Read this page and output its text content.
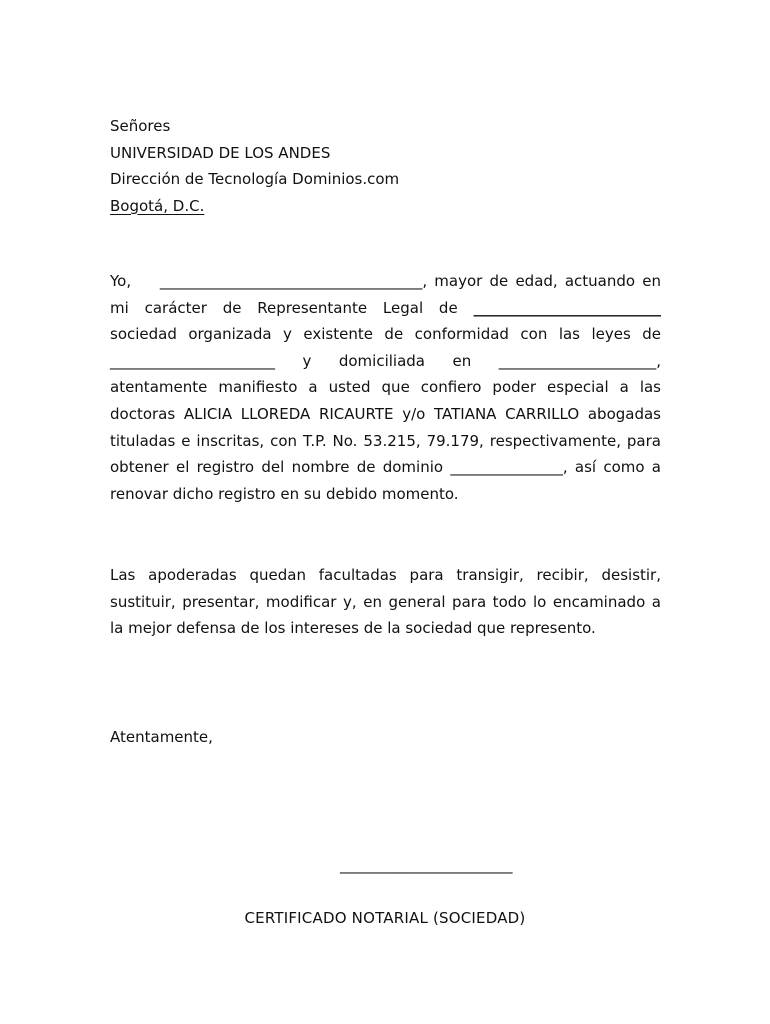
Señores
UNIVERSIDAD DE LOS ANDES
Dirección de Tecnología Dominios.com
Bogotá, D.C.

Yo, ___________________________________, mayor de edad, actuando en mi carácter de Representante Legal de _________________________ sociedad organizada y existente de conformidad con las leyes de ______________________ y domiciliada en _____________________, atentamente manifiesto a usted que confiero poder especial a las doctoras ALICIA LLOREDA RICAURTE y/o TATIANA CARRILLO abogadas tituladas e inscritas, con T.P. No. 53.215, 79.179, respectivamente, para obtener el registro del nombre de dominio _______________, así como a renovar dicho registro en su debido momento.

Las apoderadas quedan facultadas para transigir, recibir, desistir, sustituir, presentar, modificar y, en general para todo lo encaminado a la mejor defensa de los intereses de la sociedad que represento.

Atentamente,
_______________________
CERTIFICADO NOTARIAL (SOCIEDAD)
